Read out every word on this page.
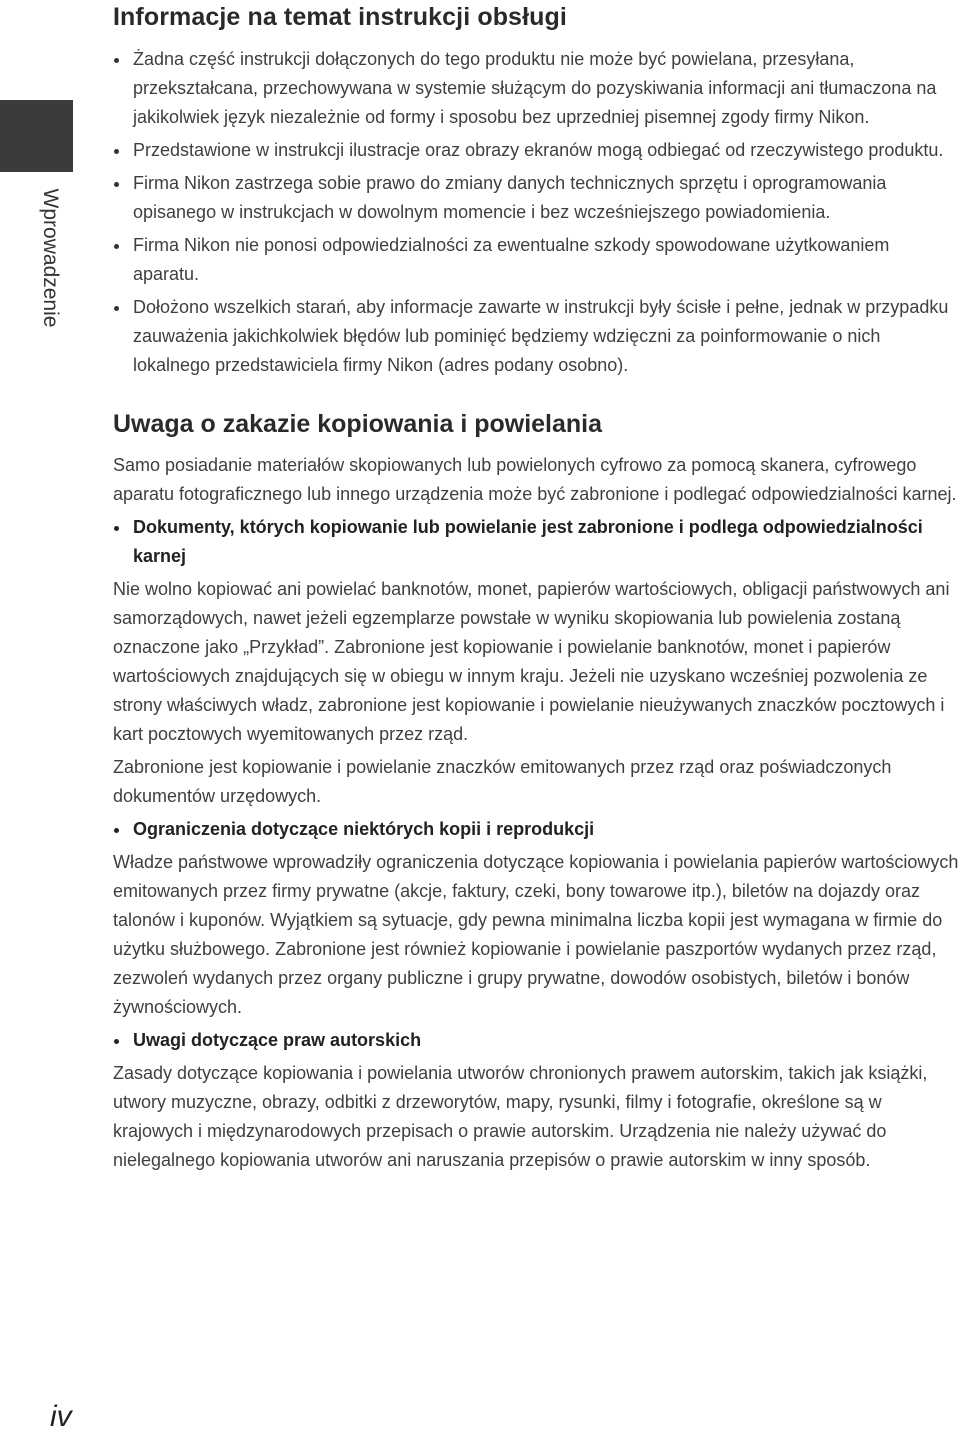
Wprowadzenie
iv
Informacje na temat instrukcji obsługi
Żadna część instrukcji dołączonych do tego produktu nie może być powielana, przesyłana, przekształcana, przechowywana w systemie służącym do pozyskiwania informacji ani tłumaczona na jakikolwiek język niezależnie od formy i sposobu bez uprzedniej pisemnej zgody firmy Nikon.
Przedstawione w instrukcji ilustracje oraz obrazy ekranów mogą odbiegać od rzeczywistego produktu.
Firma Nikon zastrzega sobie prawo do zmiany danych technicznych sprzętu i oprogramowania opisanego w instrukcjach w dowolnym momencie i bez wcześniejszego powiadomienia.
Firma Nikon nie ponosi odpowiedzialności za ewentualne szkody spowodowane użytkowaniem aparatu.
Dołożono wszelkich starań, aby informacje zawarte w instrukcji były ścisłe i pełne, jednak w przypadku zauważenia jakichkolwiek błędów lub pominięć będziemy wdzięczni za poinformowanie o nich lokalnego przedstawiciela firmy Nikon (adres podany osobno).
Uwaga o zakazie kopiowania i powielania

Samo posiadanie materiałów skopiowanych lub powielonych cyfrowo za pomocą skanera, cyfrowego aparatu fotograficznego lub innego urządzenia może być zabronione i podlegać odpowiedzialności karnej.

Dokumenty, których kopiowanie lub powielanie jest zabronione i podlega odpowiedzialności karnej

Nie wolno kopiować ani powielać banknotów, monet, papierów wartościowych, obligacji państwowych ani samorządowych, nawet jeżeli egzemplarze powstałe w wyniku skopiowania lub powielenia zostaną oznaczone jako „Przykład”. Zabronione jest kopiowanie i powielanie banknotów, monet i papierów wartościowych znajdujących się w obiegu w innym kraju. Jeżeli nie uzyskano wcześniej pozwolenia ze strony właściwych władz, zabronione jest kopiowanie i powielanie nieużywanych znaczków pocztowych i kart pocztowych wyemitowanych przez rząd.

Zabronione jest kopiowanie i powielanie znaczków emitowanych przez rząd oraz poświadczonych dokumentów urzędowych.

Ograniczenia dotyczące niektórych kopii i reprodukcji

Władze państwowe wprowadziły ograniczenia dotyczące kopiowania i powielania papierów wartościowych emitowanych przez firmy prywatne (akcje, faktury, czeki, bony towarowe itp.), biletów na dojazdy oraz talonów i kuponów. Wyjątkiem są sytuacje, gdy pewna minimalna liczba kopii jest wymagana w firmie do użytku służbowego. Zabronione jest również kopiowanie i powielanie paszportów wydanych przez rząd, zezwoleń wydanych przez organy publiczne i grupy prywatne, dowodów osobistych, biletów i bonów żywnościowych.

Uwagi dotyczące praw autorskich

Zasady dotyczące kopiowania i powielania utworów chronionych prawem autorskim, takich jak książki, utwory muzyczne, obrazy, odbitki z drzeworytów, mapy, rysunki, filmy i fotografie, określone są w krajowych i międzynarodowych przepisach o prawie autorskim. Urządzenia nie należy używać do nielegalnego kopiowania utworów ani naruszania przepisów o prawie autorskim w inny sposób.
